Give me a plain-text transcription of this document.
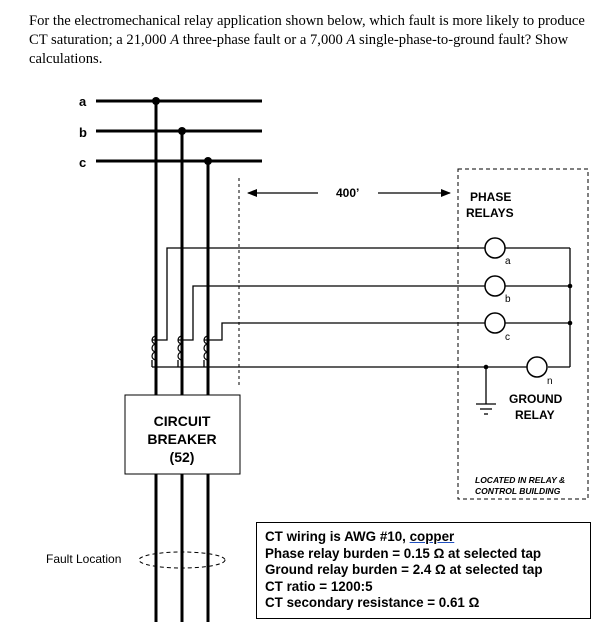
For the electromechanical relay application shown below, which fault is more likely to produce CT saturation; a 21,000 A three-phase fault or a 7,000 A single-phase-to-ground fault? Show calculations.
a
b
c
a
b
c
n
PHASE
RELAYS
GROUND
RELAY
LOCATED IN RELAY &
CONTROL BUILDING
400’
CIRCUIT
BREAKER
(52)
Fault Location
CT wiring is AWG #10, copper
Phase relay burden = 0.15 Ω at selected tap
Ground relay burden = 2.4 Ω at selected tap
CT ratio = 1200:5
CT secondary resistance = 0.61 Ω
